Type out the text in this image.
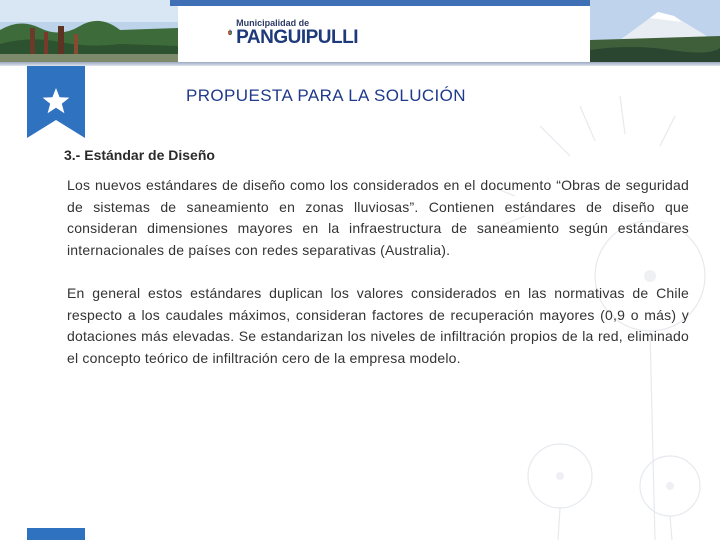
Municipalidad de
PANGUIPULLI
PROPUESTA PARA LA SOLUCIÓN
3.- Estándar de Diseño
Los nuevos estándares de diseño como los considerados en el documento “Obras de seguridad de sistemas de saneamiento en zonas lluviosas”. Contienen estándares de diseño que consideran dimensiones mayores en la infraestructura de saneamiento según estándares internacionales de países con redes separativas (Australia).
En general estos estándares duplican los valores considerados en las normativas de Chile respecto a los caudales máximos, consideran factores de recuperación mayores (0,9 o más) y dotaciones más elevadas. Se estandarizan los niveles de infiltración propios de la red, eliminado el concepto teórico de infiltración cero de la empresa modelo.
